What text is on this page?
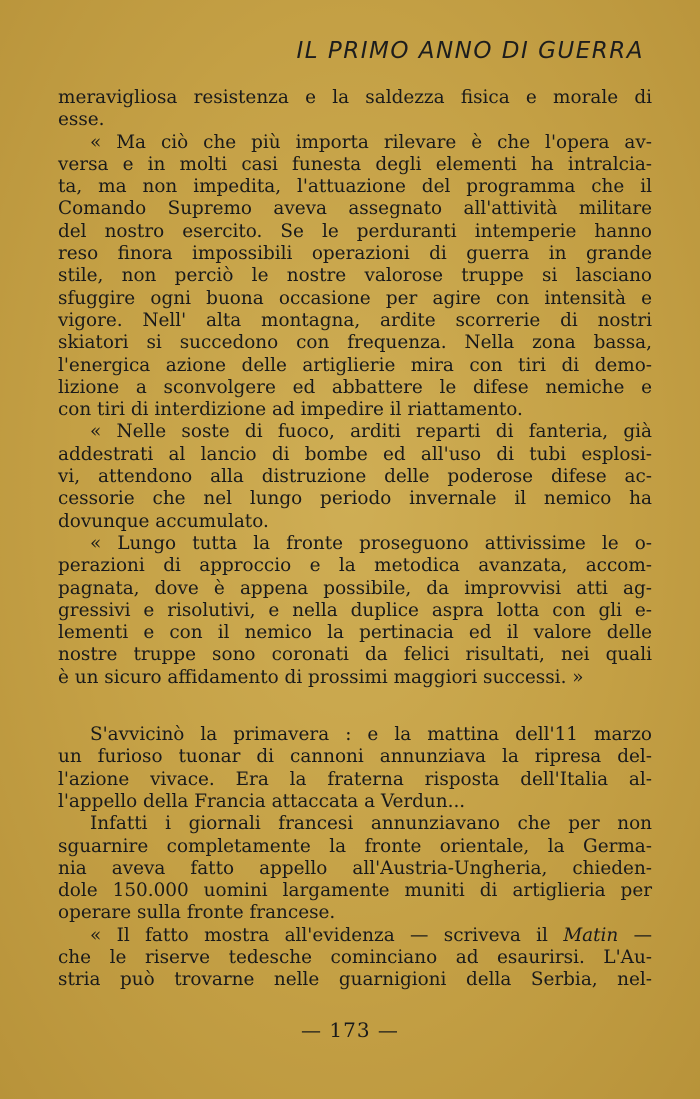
IL PRIMO ANNO DI GUERRA

meravigliosa resistenza e la saldezza fisica e morale di
esse.

« Ma ciò che più importa rilevare è che l'opera av-
versa e in molti casi funesta degli elementi ha intralcia-
ta, ma non impedita, l'attuazione del programma che il
Comando Supremo aveva assegnato all'attività militare
del nostro esercito. Se le perduranti intemperie hanno
reso finora impossibili operazioni di guerra in grande
stile, non perciò le nostre valorose truppe si lasciano
sfuggire ogni buona occasione per agire con intensità e
vigore. Nell' alta montagna, ardite scorrerie di nostri
skiatori si succedono con frequenza. Nella zona bassa,
l'energica azione delle artiglierie mira con tiri di demo-
lizione a sconvolgere ed abbattere le difese nemiche e
con tiri di interdizione ad impedire il riattamento.

« Nelle soste di fuoco, arditi reparti di fanteria, già
addestrati al lancio di bombe ed all'uso di tubi esplosi-
vi, attendono alla distruzione delle poderose difese ac-
cessorie che nel lungo periodo invernale il nemico ha
dovunque accumulato.

« Lungo tutta la fronte proseguono attivissime le o-
perazioni di approccio e la metodica avanzata, accom-
pagnata, dove è appena possibile, da improvvisi atti ag-
gressivi e risolutivi, e nella duplice aspra lotta con gli e-
lementi e con il nemico la pertinacia ed il valore delle
nostre truppe sono coronati da felici risultati, nei quali
è un sicuro affidamento di prossimi maggiori successi. »

S'avvicinò la primavera : e la mattina dell'11 marzo
un furioso tuonar di cannoni annunziava la ripresa del-
l'azione vivace. Era la fraterna risposta dell'Italia al-
l'appello della Francia attaccata a Verdun...

Infatti i giornali francesi annunziavano che per non
sguarnire completamente la fronte orientale, la Germa-
nia aveva fatto appello all'Austria-Ungheria, chieden-
dole 150.000 uomini largamente muniti di artiglieria per
operare sulla fronte francese.

« Il fatto mostra all'evidenza — scriveva il Matin —
che le riserve tedesche cominciano ad esaurirsi. L'Au-
stria può trovarne nelle guarnigioni della Serbia, nel-

— 173 —
